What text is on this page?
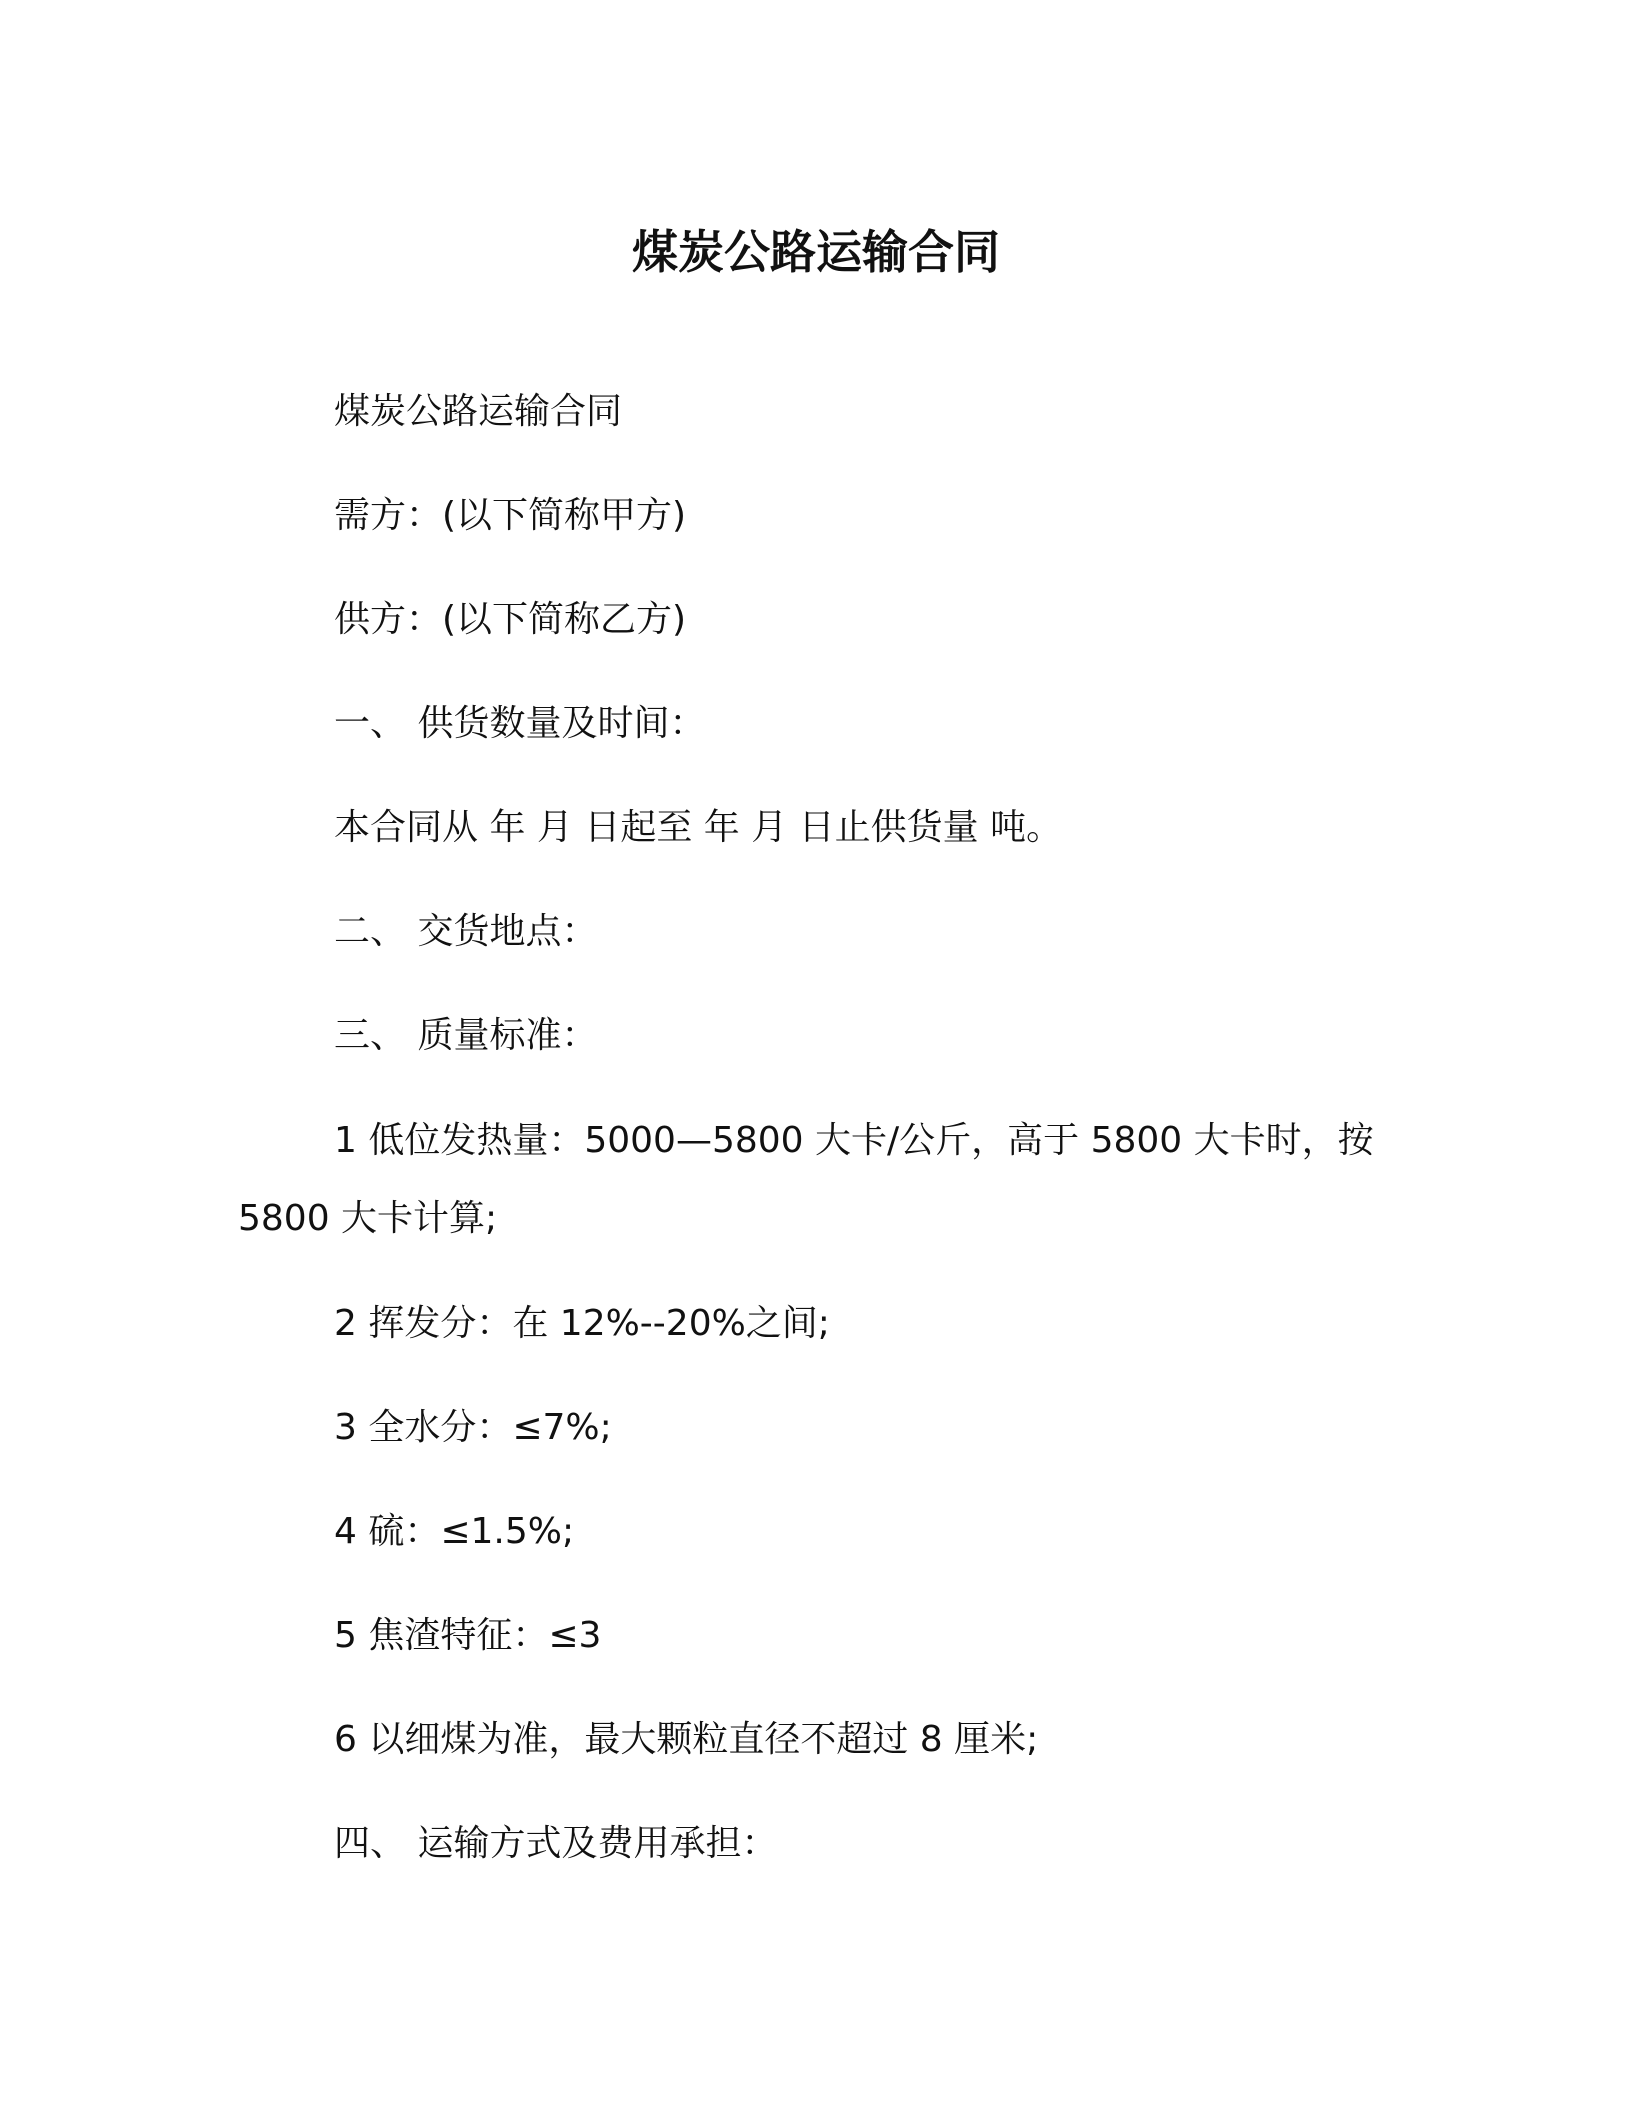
煤炭公路运输合同

煤炭公路运输合同

需方：(以下简称甲方)

供方：(以下简称乙方)

一、 供货数量及时间：

本合同从 年 月 日起至 年 月 日止供货量 吨。

二、 交货地点：

三、 质量标准：

1 低位发热量：5000—5800 大卡/公斤，高于 5800 大卡时，按 5800 大卡计算;

2 挥发分：在 12%--20%之间;

3 全水分：≤7%;

4 硫：≤1.5%;

5 焦渣特征：≤3

6 以细煤为准，最大颗粒直径不超过 8 厘米;

四、 运输方式及费用承担：
